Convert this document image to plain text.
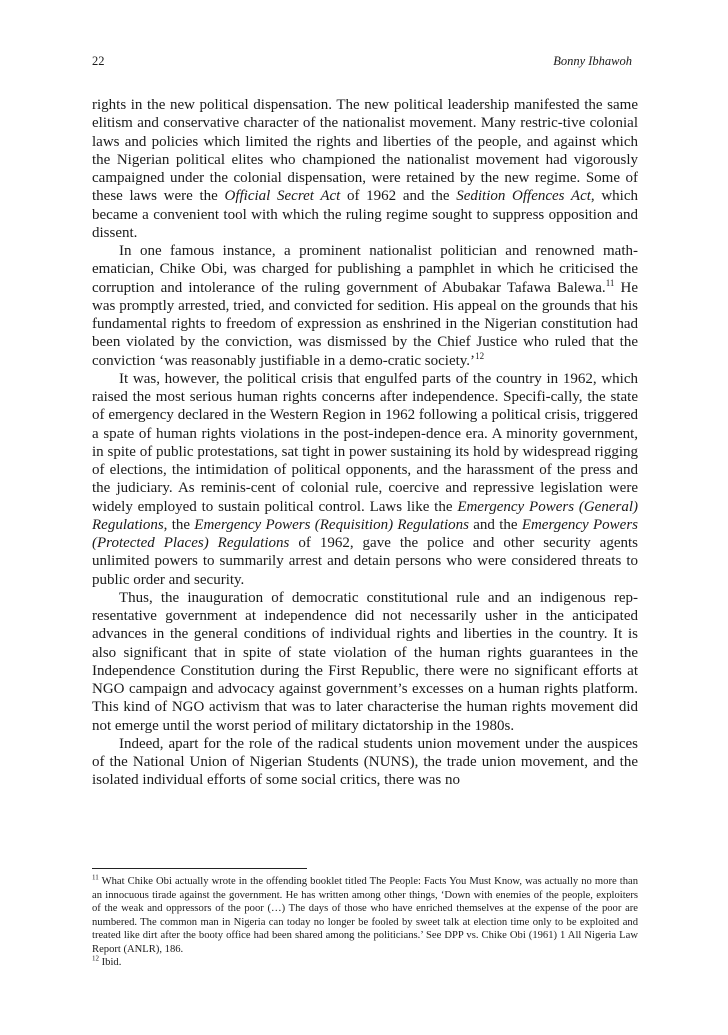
22	Bonny Ibhawoh

rights in the new political dispensation. The new political leadership manifested the same elitism and conservative character of the nationalist movement. Many restric-tive colonial laws and policies which limited the rights and liberties of the people, and against which the Nigerian political elites who championed the nationalist movement had vigorously campaigned under the colonial dispensation, were retained by the new regime. Some of these laws were the Official Secret Act of 1962 and the Sedition Offences Act, which became a convenient tool with which the ruling regime sought to suppress opposition and dissent.

In one famous instance, a prominent nationalist politician and renowned math-ematician, Chike Obi, was charged for publishing a pamphlet in which he criticised the corruption and intolerance of the ruling government of Abubakar Tafawa Balewa.$^{11}$ He was promptly arrested, tried, and convicted for sedition. His appeal on the grounds that his fundamental rights to freedom of expression as enshrined in the Nigerian constitution had been violated by the conviction, was dismissed by the Chief Justice who ruled that the conviction ‘was reasonably justifiable in a demo-cratic society.’$^{12}$

It was, however, the political crisis that engulfed parts of the country in 1962, which raised the most serious human rights concerns after independence. Specifi-cally, the state of emergency declared in the Western Region in 1962 following a political crisis, triggered a spate of human rights violations in the post-indepen-dence era. A minority government, in spite of public protestations, sat tight in power sustaining its hold by widespread rigging of elections, the intimidation of political opponents, and the harassment of the press and the judiciary. As reminis-cent of colonial rule, coercive and repressive legislation were widely employed to sustain political control. Laws like the Emergency Powers (General) Regulations, the Emergency Powers (Requisition) Regulations and the Emergency Powers (Protected Places) Regulations of 1962, gave the police and other security agents unlimited powers to summarily arrest and detain persons who were considered threats to public order and security.

Thus, the inauguration of democratic constitutional rule and an indigenous rep-resentative government at independence did not necessarily usher in the anticipated advances in the general conditions of individual rights and liberties in the country. It is also significant that in spite of state violation of the human rights guarantees in the Independence Constitution during the First Republic, there were no significant efforts at NGO campaign and advocacy against government’s excesses on a human rights platform. This kind of NGO activism that was to later characterise the human rights movement did not emerge until the worst period of military dictatorship in the 1980s.

Indeed, apart for the role of the radical students union movement under the auspices of the National Union of Nigerian Students (NUNS), the trade union movement, and the isolated individual efforts of some social critics, there was no

$^{11}$ What Chike Obi actually wrote in the offending booklet titled The People: Facts You Must Know, was actually no more than an innocuous tirade against the government. He has written among other things, ‘Down with enemies of the people, exploiters of the weak and oppressors of the poor (…) The days of those who have enriched themselves at the expense of the poor are numbered. The common man in Nigeria can today no longer be fooled by sweet talk at election time only to be exploited and treated like dirt after the booty office had been shared among the politicians.’ See DPP vs. Chike Obi (1961) 1 All Nigeria Law Report (ANLR), 186.

$^{12}$ Ibid.
